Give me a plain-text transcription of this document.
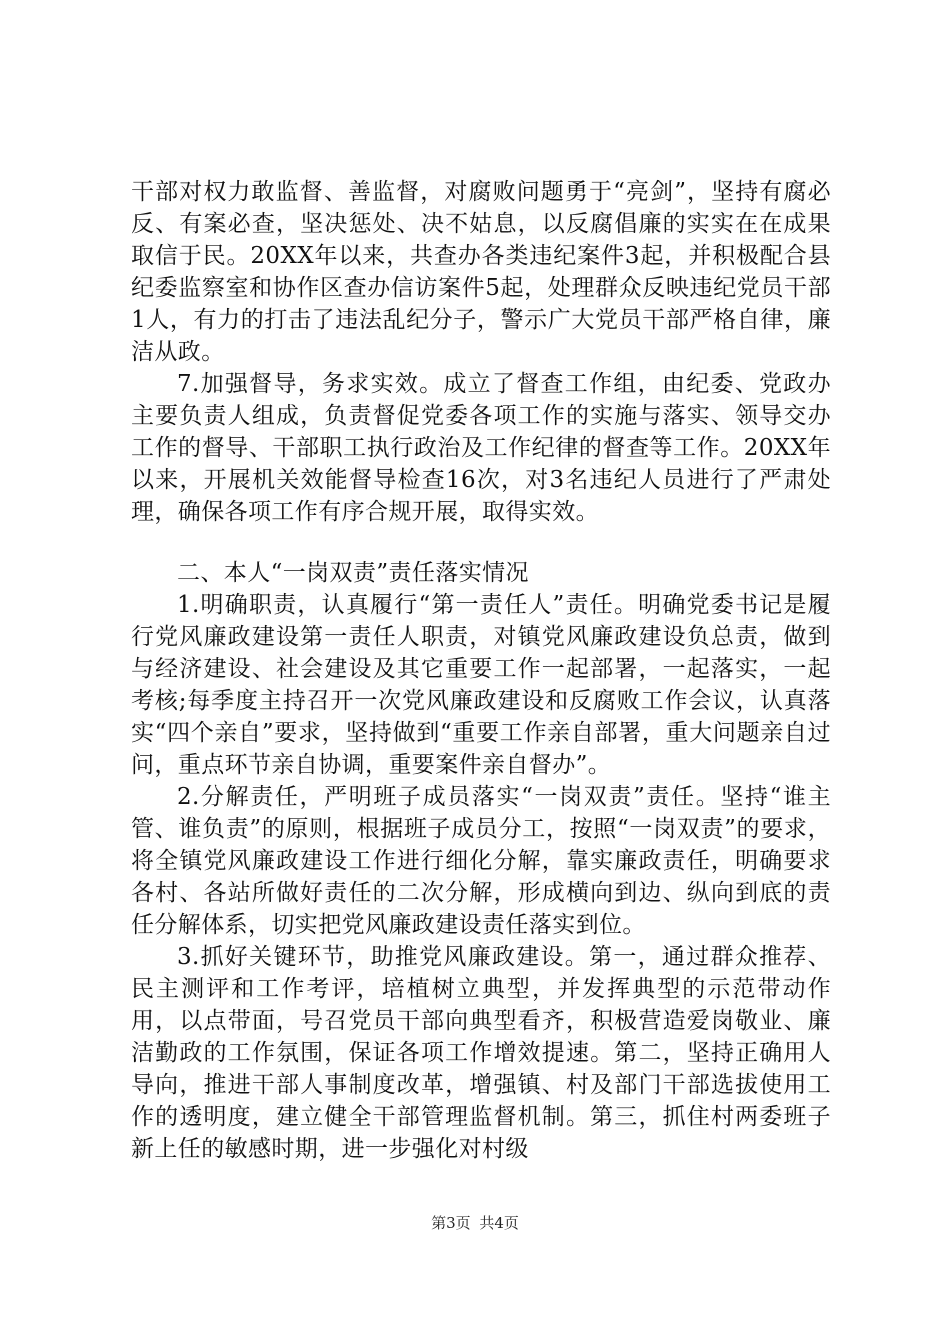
干部对权力敢监督、善监督，对腐败问题勇于“亮剑”，坚持有腐必反、有案必查，坚决惩处、决不姑息，以反腐倡廉的实实在在成果取信于民。20XX年以来，共查办各类违纪案件3起，并积极配合县纪委监察室和协作区查办信访案件5起，处理群众反映违纪党员干部1人，有力的打击了违法乱纪分子，警示广大党员干部严格自律，廉洁从政。

7.加强督导，务求实效。成立了督查工作组，由纪委、党政办主要负责人组成，负责督促党委各项工作的实施与落实、领导交办工作的督导、干部职工执行政治及工作纪律的督查等工作。20XX年以来，开展机关效能督导检查16次，对3名违纪人员进行了严肃处理，确保各项工作有序合规开展，取得实效。

二、本人“一岗双责”责任落实情况

1.明确职责，认真履行“第一责任人”责任。明确党委书记是履行党风廉政建设第一责任人职责，对镇党风廉政建设负总责，做到与经济建设、社会建设及其它重要工作一起部署，一起落实，一起考核;每季度主持召开一次党风廉政建设和反腐败工作会议，认真落实“四个亲自”要求，坚持做到“重要工作亲自部署，重大问题亲自过问，重点环节亲自协调，重要案件亲自督办”。

2.分解责任，严明班子成员落实“一岗双责”责任。坚持“谁主管、谁负责”的原则，根据班子成员分工，按照“一岗双责”的要求，将全镇党风廉政建设工作进行细化分解，靠实廉政责任，明确要求各村、各站所做好责任的二次分解，形成横向到边、纵向到底的责任分解体系，切实把党风廉政建设责任落实到位。

3.抓好关键环节，助推党风廉政建设。第一，通过群众推荐、民主测评和工作考评，培植树立典型，并发挥典型的示范带动作用，以点带面，号召党员干部向典型看齐，积极营造爱岗敬业、廉洁勤政的工作氛围，保证各项工作增效提速。第二，坚持正确用人导向，推进干部人事制度改革，增强镇、村及部门干部选拔使用工作的透明度，建立健全干部管理监督机制。第三，抓住村两委班子新上任的敏感时期，进一步强化对村级

第3页 共4页
